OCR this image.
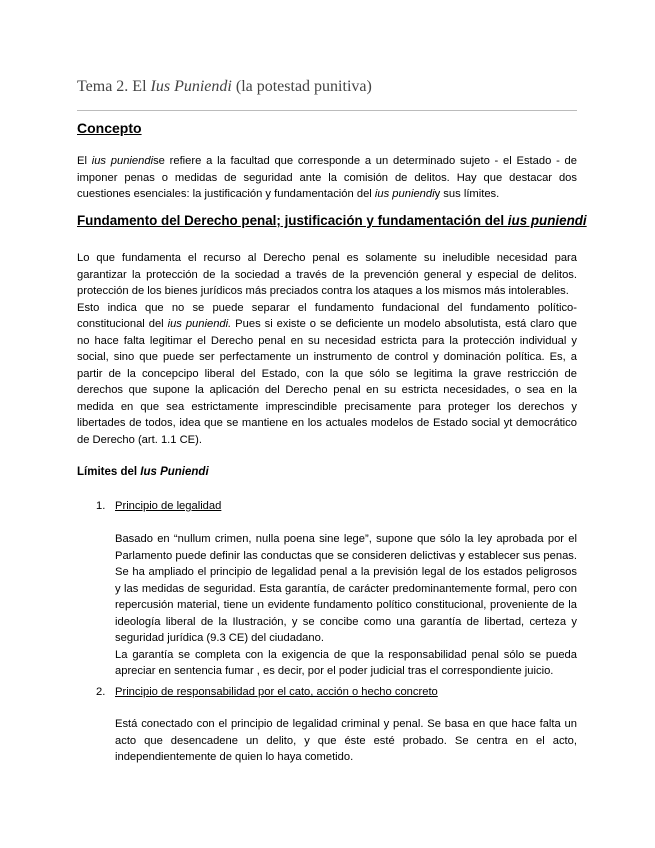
Tema 2. El Ius Puniendi (la potestad punitiva)
Concepto

El ius puniendise refiere a la facultad que corresponde a un determinado sujeto - el Estado - de imponer penas o medidas de seguridad ante la comisión de delitos. Hay que destacar dos cuestiones esenciales: la justificación y fundamentación del ius puniendiy sus límites.

Fundamento del Derecho penal; justificación y fundamentación del ius puniendi

Lo que fundamenta el recurso al Derecho penal es solamente su ineludible necesidad para garantizar la protección de la sociedad a través de la prevención general y especial de delitos. protección de los bienes jurídicos más preciados contra los ataques a los mismos más intolerables.

Esto indica que no se puede separar el fundamento fundacional del fundamento político-constitucional del ius puniendi. Pues si existe o se deficiente un modelo absolutista, está claro que no hace falta legitimar el Derecho penal en su necesidad estricta para la protección individual y social, sino que puede ser perfectamente un instrumento de control y dominación política. Es, a partir de la concepcipo liberal del Estado, con la que sólo se legitima la grave restricción de derechos que supone la aplicación del Derecho penal en su estricta necesidades, o sea en la medida en que sea estrictamente imprescindible precisamente para proteger los derechos y libertades de todos, idea que se mantiene en los actuales modelos de Estado social yt democrático de Derecho (art. 1.1 CE).

Límites del Ius Puniendi
1. Principio de legalidad

Basado en “nullum crimen, nulla poena sine lege”, supone que sólo la ley aprobada por el Parlamento puede definir las conductas que se consideren delictivas y establecer sus penas. Se ha ampliado el principio de legalidad penal a la previsión legal de los estados peligrosos y las medidas de seguridad. Esta garantía, de carácter predominantemente formal, pero con repercusión material, tiene un evidente fundamento político constitucional, proveniente de la ideología liberal de la Ilustración, y se concibe como una garantía de libertad, certeza y seguridad jurídica (9.3 CE) del ciudadano.

La garantía se completa con la exigencia de que la responsabilidad penal sólo se pueda apreciar en sentencia fumar , es decir, por el poder judicial tras el correspondiente juicio.

2. Principio de responsabilidad por el cato, acción o hecho concreto

Está conectado con el principio de legalidad criminal y penal. Se basa en que hace falta un acto que desencadene un delito, y que éste esté probado. Se centra en el acto, independientemente de quien lo haya cometido.
